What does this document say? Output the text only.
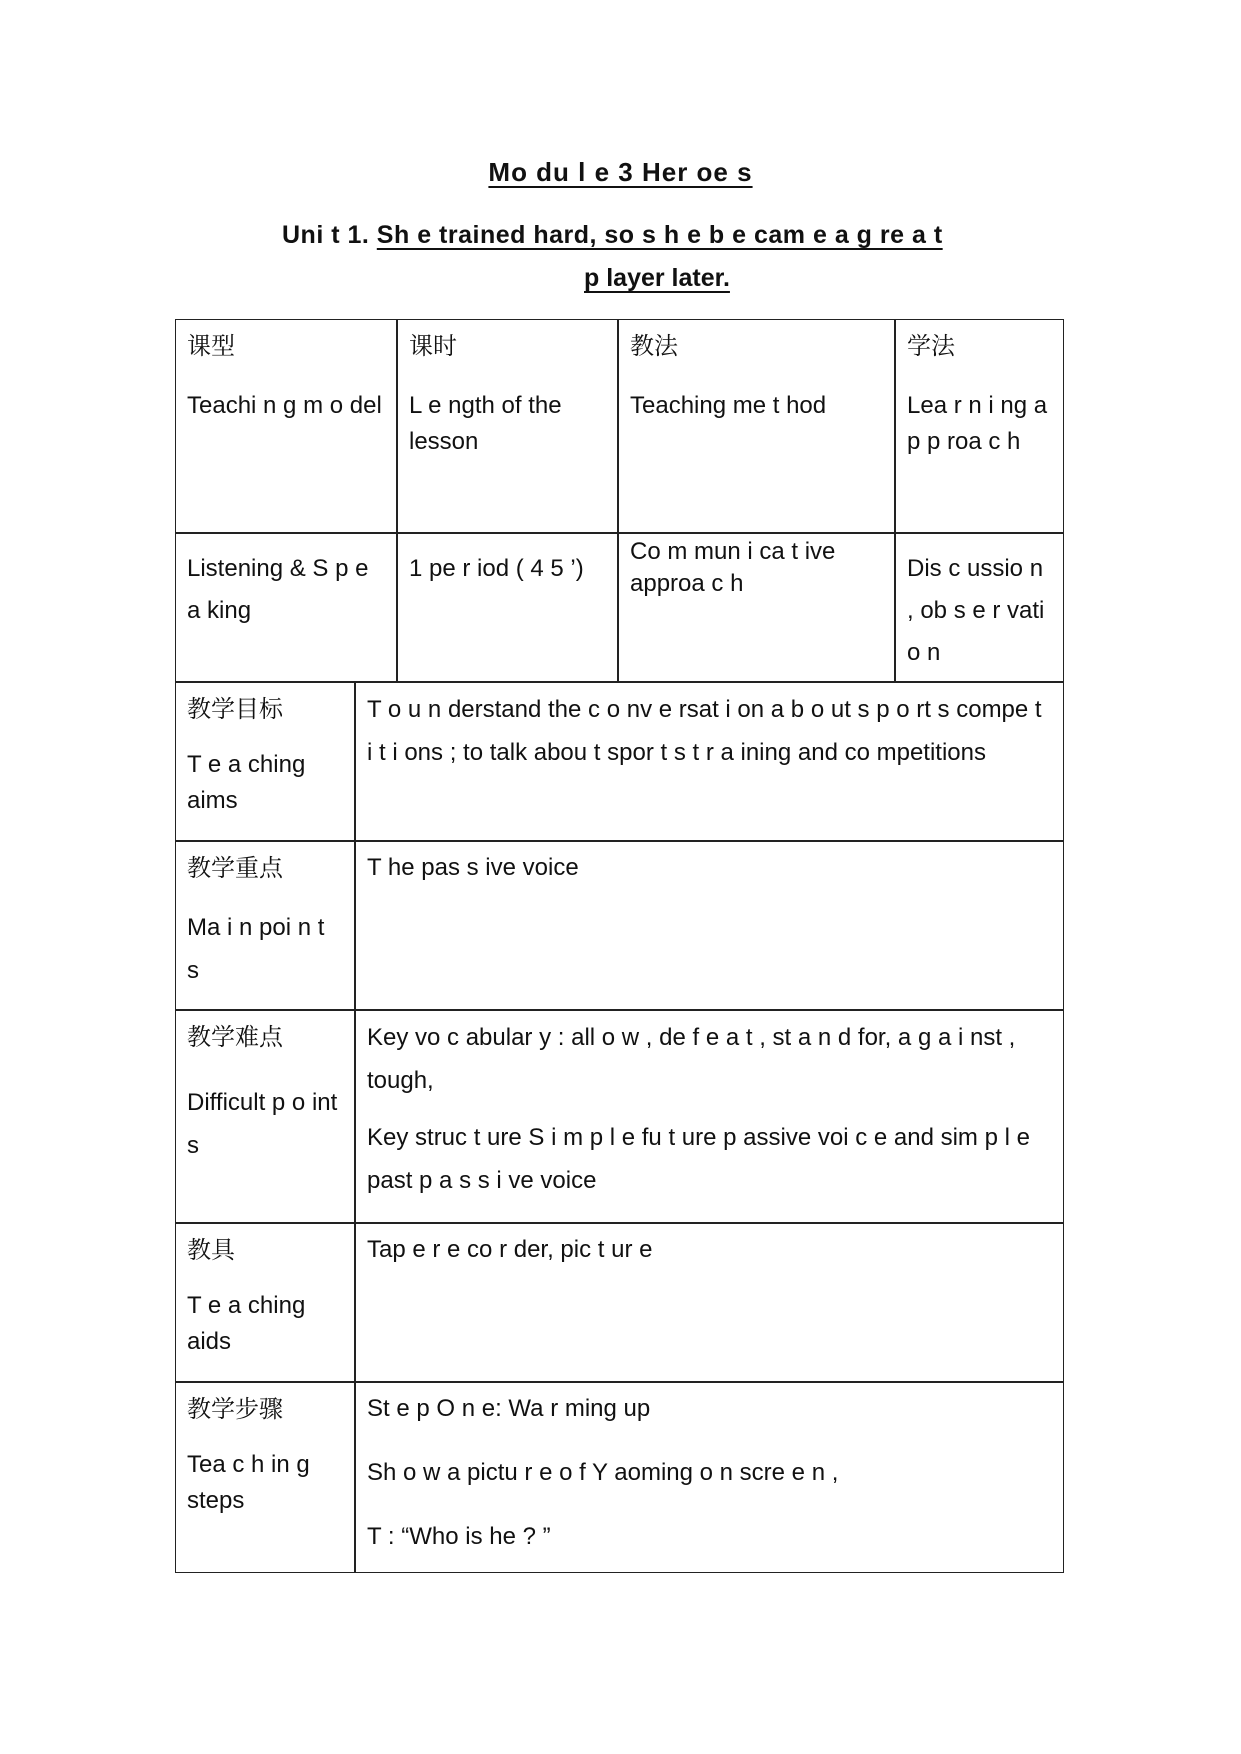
Mo du l e 3 Her oe s
Uni t 1. Sh e trained hard, so s h e b e cam e a g re a t
p layer later.
课型
Teachi n g m o del
课时
L e ngth of the lesson
教法
Teaching me t hod
学法
Lea r n i ng a p p roa c h
Listening & S p e a king
1 pe r iod ( 4 5 ’)
Co m mun i ca t ive approa c h
Dis c ussio n , ob s e r vati o n
教学目标
T e a ching aims
T o u n derstand the c o nv e rsat i on a b o ut s p o rt s compe t i t i ons ; to talk abou t spor t s t r a ining and co mpetitions
教学重点
Ma i n poi n t s
T he pas s ive voice
教学难点
Difficult p o int s
Key vo c abular y : all o w , de f e a t , st a n d for, a g a i nst , tough,
Key struc t ure S i m p l e fu t ure p assive voi c e and sim p l e past p a s s i ve voice
教具
T e a ching aids
Tap e r e co r der, pic t ur e
教学步骤
Tea c h in g steps
St e p O n e: Wa r ming up
Sh o w a pictu r e o f Y aoming o n scre e n ,
T : “Who is he ? ”
